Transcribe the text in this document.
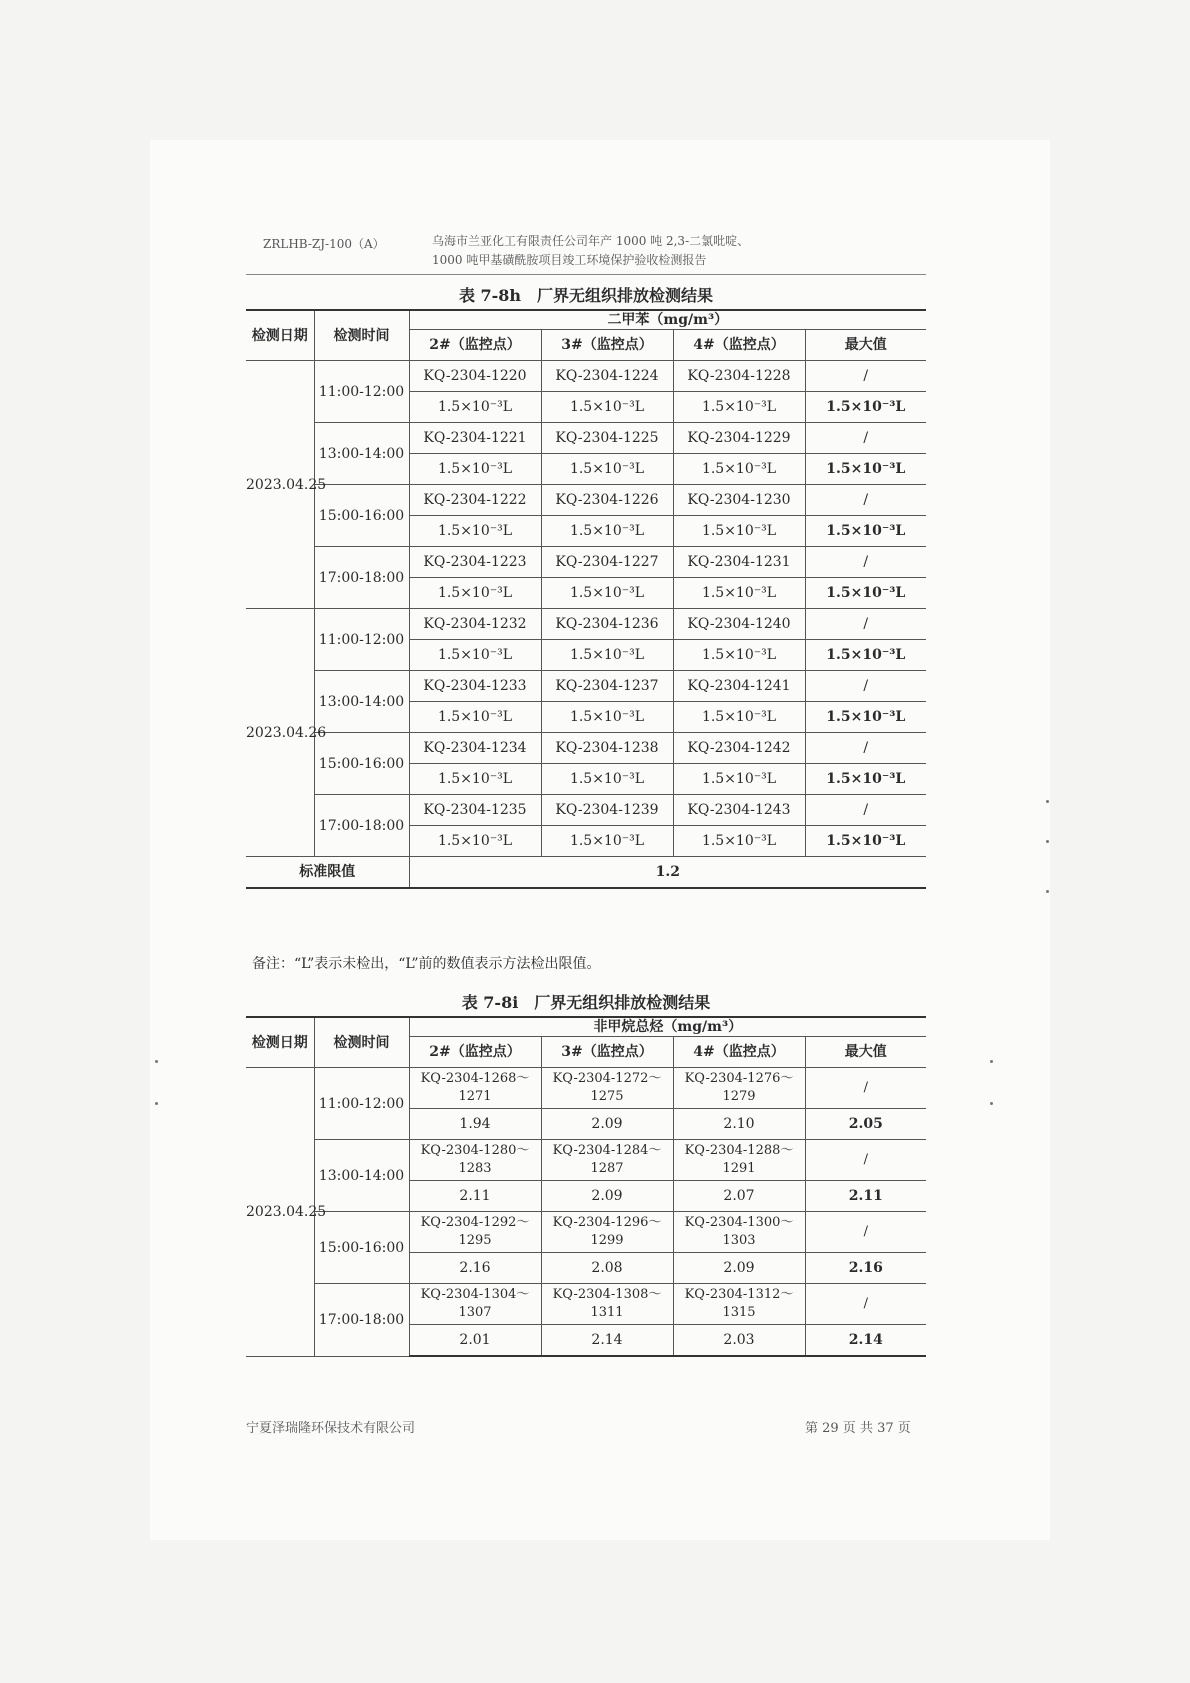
ZRLHB-ZJ-100（A）	乌海市兰亚化工有限责任公司年产 1000 吨 2,3-二氯吡啶、
1000 吨甲基磺酰胺项目竣工环境保护验收检测报告
表 7-8h　厂界无组织排放检测结果
检测日期	检测时间	二甲苯（mg/m³）			
		2#（监控点）	3#（监控点）	4#（监控点）	最大值
2023.04.25	11:00-12:00	KQ-2304-1220	KQ-2304-1224	KQ-2304-1228	/
		1.5×10⁻³L	1.5×10⁻³L	1.5×10⁻³L	1.5×10⁻³L
	13:00-14:00	KQ-2304-1221	KQ-2304-1225	KQ-2304-1229	/
		1.5×10⁻³L	1.5×10⁻³L	1.5×10⁻³L	1.5×10⁻³L
	15:00-16:00	KQ-2304-1222	KQ-2304-1226	KQ-2304-1230	/
		1.5×10⁻³L	1.5×10⁻³L	1.5×10⁻³L	1.5×10⁻³L
	17:00-18:00	KQ-2304-1223	KQ-2304-1227	KQ-2304-1231	/
		1.5×10⁻³L	1.5×10⁻³L	1.5×10⁻³L	1.5×10⁻³L
2023.04.26	11:00-12:00	KQ-2304-1232	KQ-2304-1236	KQ-2304-1240	/
		1.5×10⁻³L	1.5×10⁻³L	1.5×10⁻³L	1.5×10⁻³L
	13:00-14:00	KQ-2304-1233	KQ-2304-1237	KQ-2304-1241	/
		1.5×10⁻³L	1.5×10⁻³L	1.5×10⁻³L	1.5×10⁻³L
	15:00-16:00	KQ-2304-1234	KQ-2304-1238	KQ-2304-1242	/
		1.5×10⁻³L	1.5×10⁻³L	1.5×10⁻³L	1.5×10⁻³L
	17:00-18:00	KQ-2304-1235	KQ-2304-1239	KQ-2304-1243	/
		1.5×10⁻³L	1.5×10⁻³L	1.5×10⁻³L	1.5×10⁻³L
标准限值		1.2			
备注：“L”表示未检出，“L”前的数值表示方法检出限值。
表 7-8i　厂界无组织排放检测结果
检测日期	检测时间	非甲烷总烃（mg/m³）			
		2#（监控点）	3#（监控点）	4#（监控点）	最大值
2023.04.25	11:00-12:00	KQ-2304-1268～1271	KQ-2304-1272～1275	KQ-2304-1276～1279	/
		1.94	2.09	2.10	2.05
	13:00-14:00	KQ-2304-1280～1283	KQ-2304-1284～1287	KQ-2304-1288～1291	/
		2.11	2.09	2.07	2.11
	15:00-16:00	KQ-2304-1292～1295	KQ-2304-1296～1299	KQ-2304-1300～1303	/
		2.16	2.08	2.09	2.16
	17:00-18:00	KQ-2304-1304～1307	KQ-2304-1308～1311	KQ-2304-1312～1315	/
		2.01	2.14	2.03	2.14
宁夏泽瑞隆环保技术有限公司	第 29 页 共 37 页
